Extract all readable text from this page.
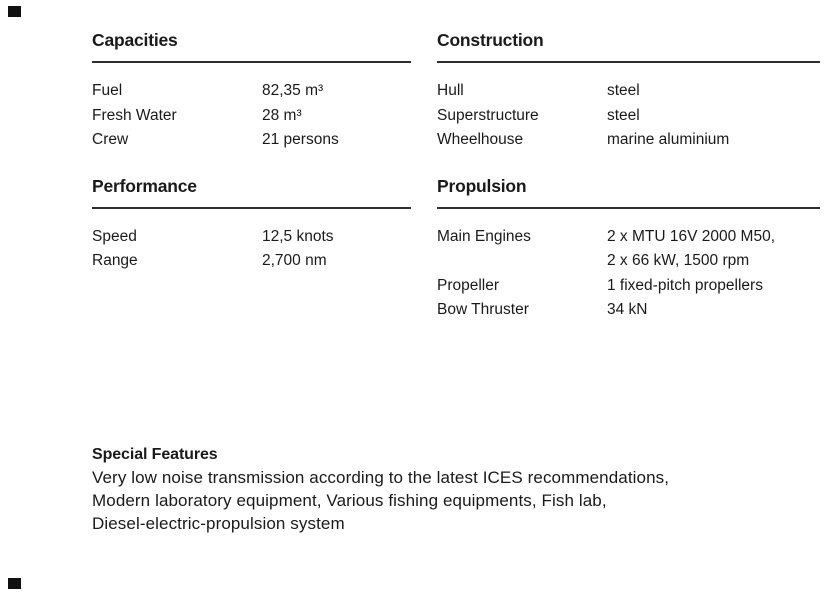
Capacities
Fuel	82,35 m³
Fresh Water	28 m³
Crew	21 persons
Performance
Speed	12,5 knots
Range	2,700 nm
Construction
Hull	steel
Superstructure	steel
Wheelhouse	marine aluminium
Propulsion
Main Engines	2 x MTU 16V 2000 M50,
2 x 66 kW, 1500 rpm
Propeller	1 fixed-pitch propellers
Bow Thruster	34 kN
Special Features
Very low noise transmission according to the latest ICES recommendations,
Modern laboratory equipment, Various fishing equipments, Fish lab,
Diesel-electric-propulsion system
